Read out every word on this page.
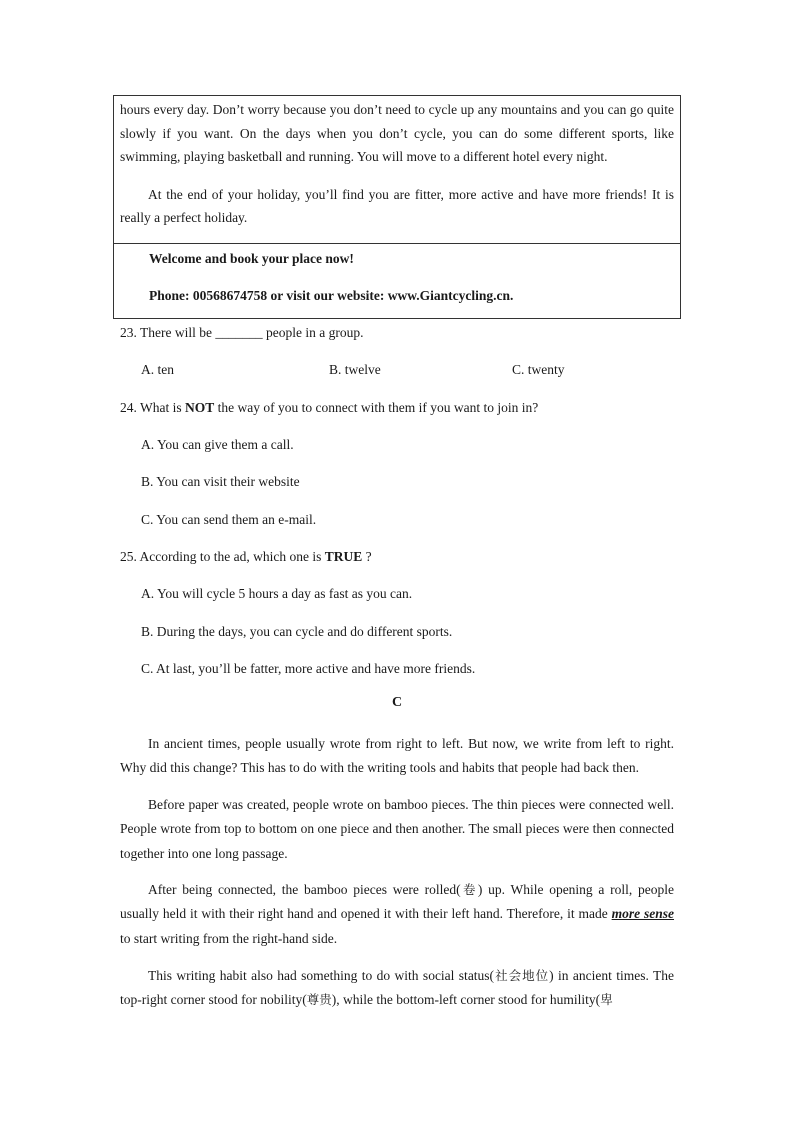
hours every day. Don’t worry because you don’t need to cycle up any mountains and you can go quite slowly if you want. On the days when you don’t cycle, you can do some different sports, like swimming, playing basketball and running. You will move to a different hotel every night.

At the end of your holiday, you’ll find you are fitter, more active and have more friends! It is really a perfect holiday.

Welcome and book your place now!
Phone: 00568674758 or visit our website: www.Giantcycling.cn.
23. There will be _______ people in a group.
A. ten	B. twelve	C. twenty
24. What is NOT the way of you to connect with them if you want to join in?
A. You can give them a call.
B. You can visit their website
C. You can send them an e-mail.
25. According to the ad, which one is TRUE ?
A. You will cycle 5 hours a day as fast as you can.
B. During the days, you can cycle and do different sports.
C. At last, you’ll be fatter, more active and have more friends.
C
In ancient times, people usually wrote from right to left. But now, we write from left to right. Why did this change? This has to do with the writing tools and habits that people had back then.
Before paper was created, people wrote on bamboo pieces. The thin pieces were connected well. People wrote from top to bottom on one piece and then another. The small pieces were then connected together into one long passage.
After being connected, the bamboo pieces were rolled(卷) up. While opening a roll, people usually held it with their right hand and opened it with their left hand. Therefore, it made more sense to start writing from the right-hand side.
This writing habit also had something to do with social status(社会地位) in ancient times. The top-right corner stood for nobility(尊贵), while the bottom-left corner stood for humility(卑
